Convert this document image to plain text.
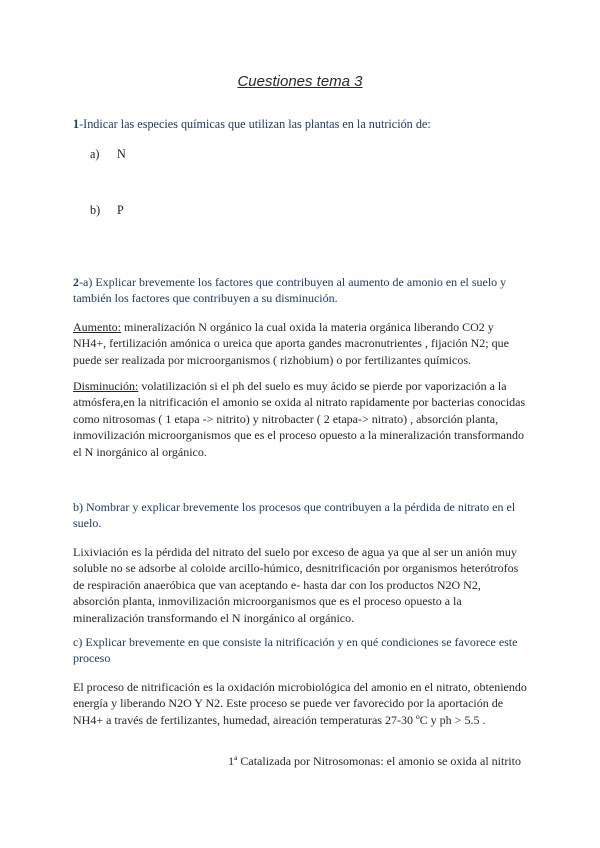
Cuestiones tema 3
1-Indicar las especies químicas que utilizan las plantas en la nutrición de:
a) N
b) P
2-a) Explicar brevemente los factores que contribuyen al aumento de amonio en el suelo y también los factores que contribuyen a su disminución.
Aumento: mineralización N orgánico la cual oxida la materia orgánica liberando CO2 y NH4+, fertilización amónica o ureica que aporta gandes macronutrientes , fijación N2; que puede ser realizada por microorganismos ( rizhobium) o por fertilizantes químicos.
Disminución: volatilización si el ph del suelo es muy ácido se pierde por vaporización a la atmósfera,en la nitrificación el amonio se oxida al nitrato rapidamente por bacterias conocidas como nitrosomas ( 1 etapa -> nitrito) y nitrobacter ( 2 etapa-> nitrato) , absorción planta, inmovilización microorganismos que es el proceso opuesto a la mineralización transformando el N inorgánico al orgánico.
b) Nombrar y explicar brevemente los procesos que contribuyen a la pérdida de nitrato en el suelo.
Lixiviación es la pérdida del nitrato del suelo por exceso de agua ya que al ser un anión muy soluble no se adsorbe al coloide arcillo-húmico, desnitrificación por organismos heterótrofos de respiración anaeróbica que van aceptando e- hasta dar con los productos N2O N2, absorción planta, inmovilización microorganismos que es el proceso opuesto a la mineralización transformando el N inorgánico al orgánico.
c) Explicar brevemente en que consiste la nitrificación y en qué condiciones se favorece este proceso
El proceso de nitrificación es la oxidación microbiológica del amonio en el nitrato, obteniendo energía y liberando N2O Y N2. Este proceso se puede ver favorecido por la aportación de NH4+ a través de fertilizantes, humedad, aireación temperaturas 27-30 ºC y ph > 5.5 .
1ª Catalizada por Nitrosomonas: el amonio se oxida al nitrito
